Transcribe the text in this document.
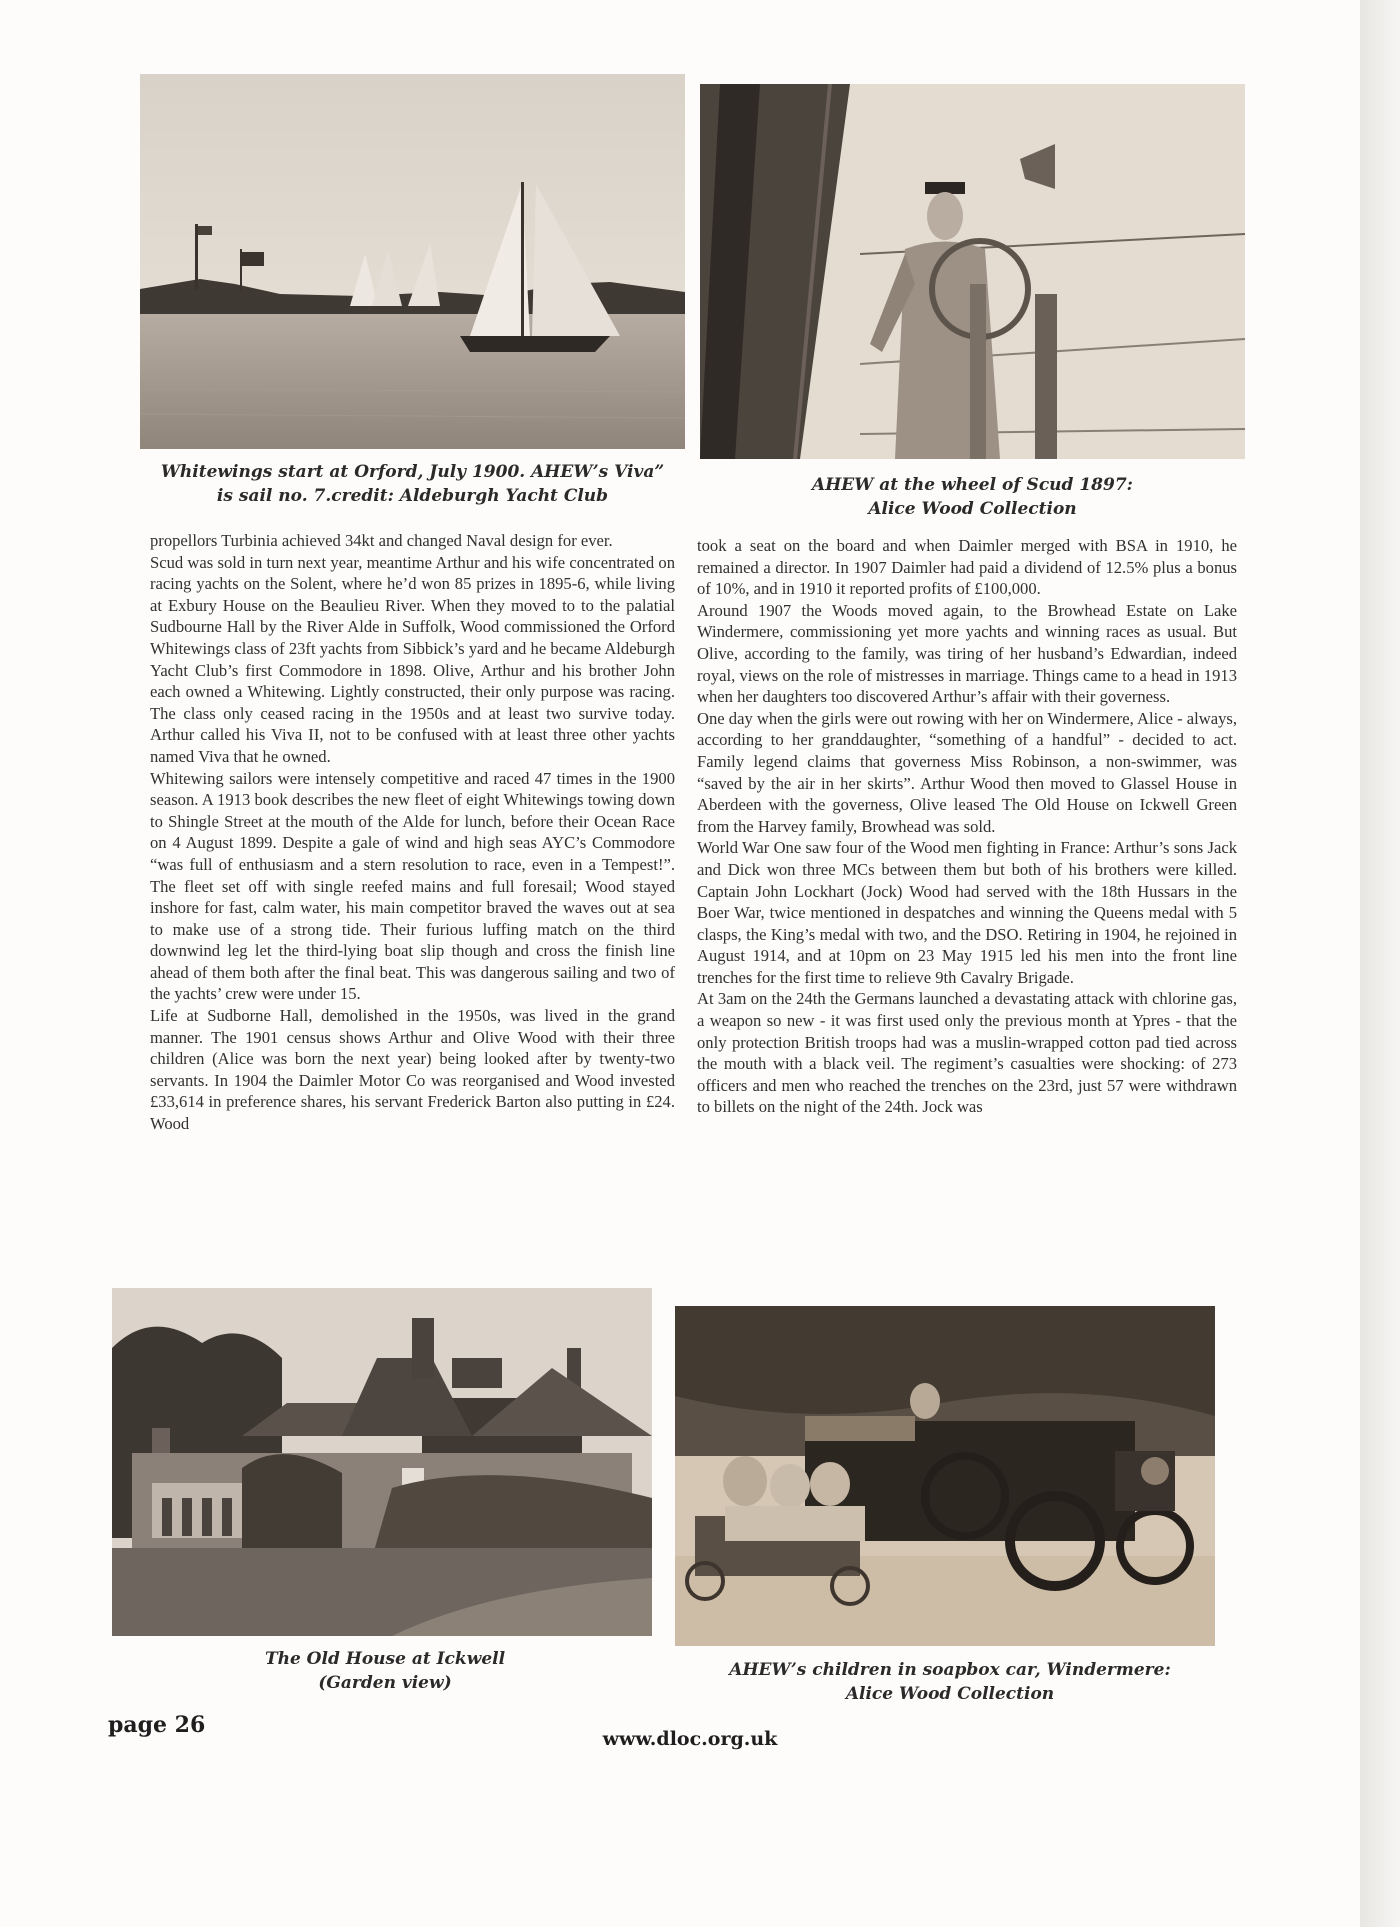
Whitewings start at Orford, July 1900. AHEW’s Viva”
is sail no. 7.credit: Aldeburgh Yacht Club
AHEW at the wheel of Scud 1897:
Alice Wood Collection

propellors Turbinia achieved 34kt and changed Naval design for ever.

Scud was sold in turn next year, meantime Arthur and his wife concentrated on racing yachts on the Solent, where he’d won 85 prizes in 1895-6, while living at Exbury House on the Beaulieu River. When they moved to to the palatial Sudbourne Hall by the River Alde in Suffolk, Wood commissioned the Orford Whitewings class of 23ft yachts from Sibbick’s yard and he became Aldeburgh Yacht Club’s first Commodore in 1898. Olive, Arthur and his brother John each owned a Whitewing. Lightly constructed, their only purpose was racing. The class only ceased racing in the 1950s and at least two survive today. Arthur called his Viva II, not to be confused with at least three other yachts named Viva that he owned.

Whitewing sailors were intensely competitive and raced 47 times in the 1900 season. A 1913 book describes the new fleet of eight Whitewings towing down to Shingle Street at the mouth of the Alde for lunch, before their Ocean Race on 4 August 1899. Despite a gale of wind and high seas AYC’s Commodore “was full of enthusiasm and a stern resolution to race, even in a Tempest!”. The fleet set off with single reefed mains and full foresail; Wood stayed inshore for fast, calm water, his main competitor braved the waves out at sea to make use of a strong tide. Their furious luffing match on the third downwind leg let the third-lying boat slip though and cross the finish line ahead of them both after the final beat. This was dangerous sailing and two of the yachts’ crew were under 15.

Life at Sudborne Hall, demolished in the 1950s, was lived in the grand manner. The 1901 census shows Arthur and Olive Wood with their three children (Alice was born the next year) being looked after by twenty-two servants. In 1904 the Daimler Motor Co was reorganised and Wood invested £33,614 in preference shares, his servant Frederick Barton also putting in £24. Wood

took a seat on the board and when Daimler merged with BSA in 1910, he remained a director. In 1907 Daimler had paid a dividend of 12.5% plus a bonus of 10%, and in 1910 it reported profits of £100,000.

Around 1907 the Woods moved again, to the Browhead Estate on Lake Windermere, commissioning yet more yachts and winning races as usual. But Olive, according to the family, was tiring of her husband’s Edwardian, indeed royal, views on the role of mistresses in marriage. Things came to a head in 1913 when her daughters too discovered Arthur’s affair with their governess.

One day when the girls were out rowing with her on Windermere, Alice - always, according to her granddaughter, “something of a handful” - decided to act. Family legend claims that governess Miss Robinson, a non-swimmer, was “saved by the air in her skirts”. Arthur Wood then moved to Glassel House in Aberdeen with the governess, Olive leased The Old House on Ickwell Green from the Harvey family, Browhead was sold.

World War One saw four of the Wood men fighting in France: Arthur’s sons Jack and Dick won three MCs between them but both of his brothers were killed. Captain John Lockhart (Jock) Wood had served with the 18th Hussars in the Boer War, twice mentioned in despatches and winning the Queens medal with 5 clasps, the King’s medal with two, and the DSO. Retiring in 1904, he rejoined in August 1914, and at 10pm on 23 May 1915 led his men into the front line trenches for the first time to relieve 9th Cavalry Brigade.

At 3am on the 24th the Germans launched a devastating attack with chlorine gas, a weapon so new - it was first used only the previous month at Ypres - that the only protection British troops had was a muslin-wrapped cotton pad tied across the mouth with a black veil. The regiment’s casualties were shocking: of 273 officers and men who reached the trenches on the 23rd, just 57 were withdrawn to billets on the night of the 24th. Jock was

The Old House at Ickwell
(Garden view)
AHEW’s children in soapbox car, Windermere:
Alice Wood Collection
page 26
www.dloc.org.uk
